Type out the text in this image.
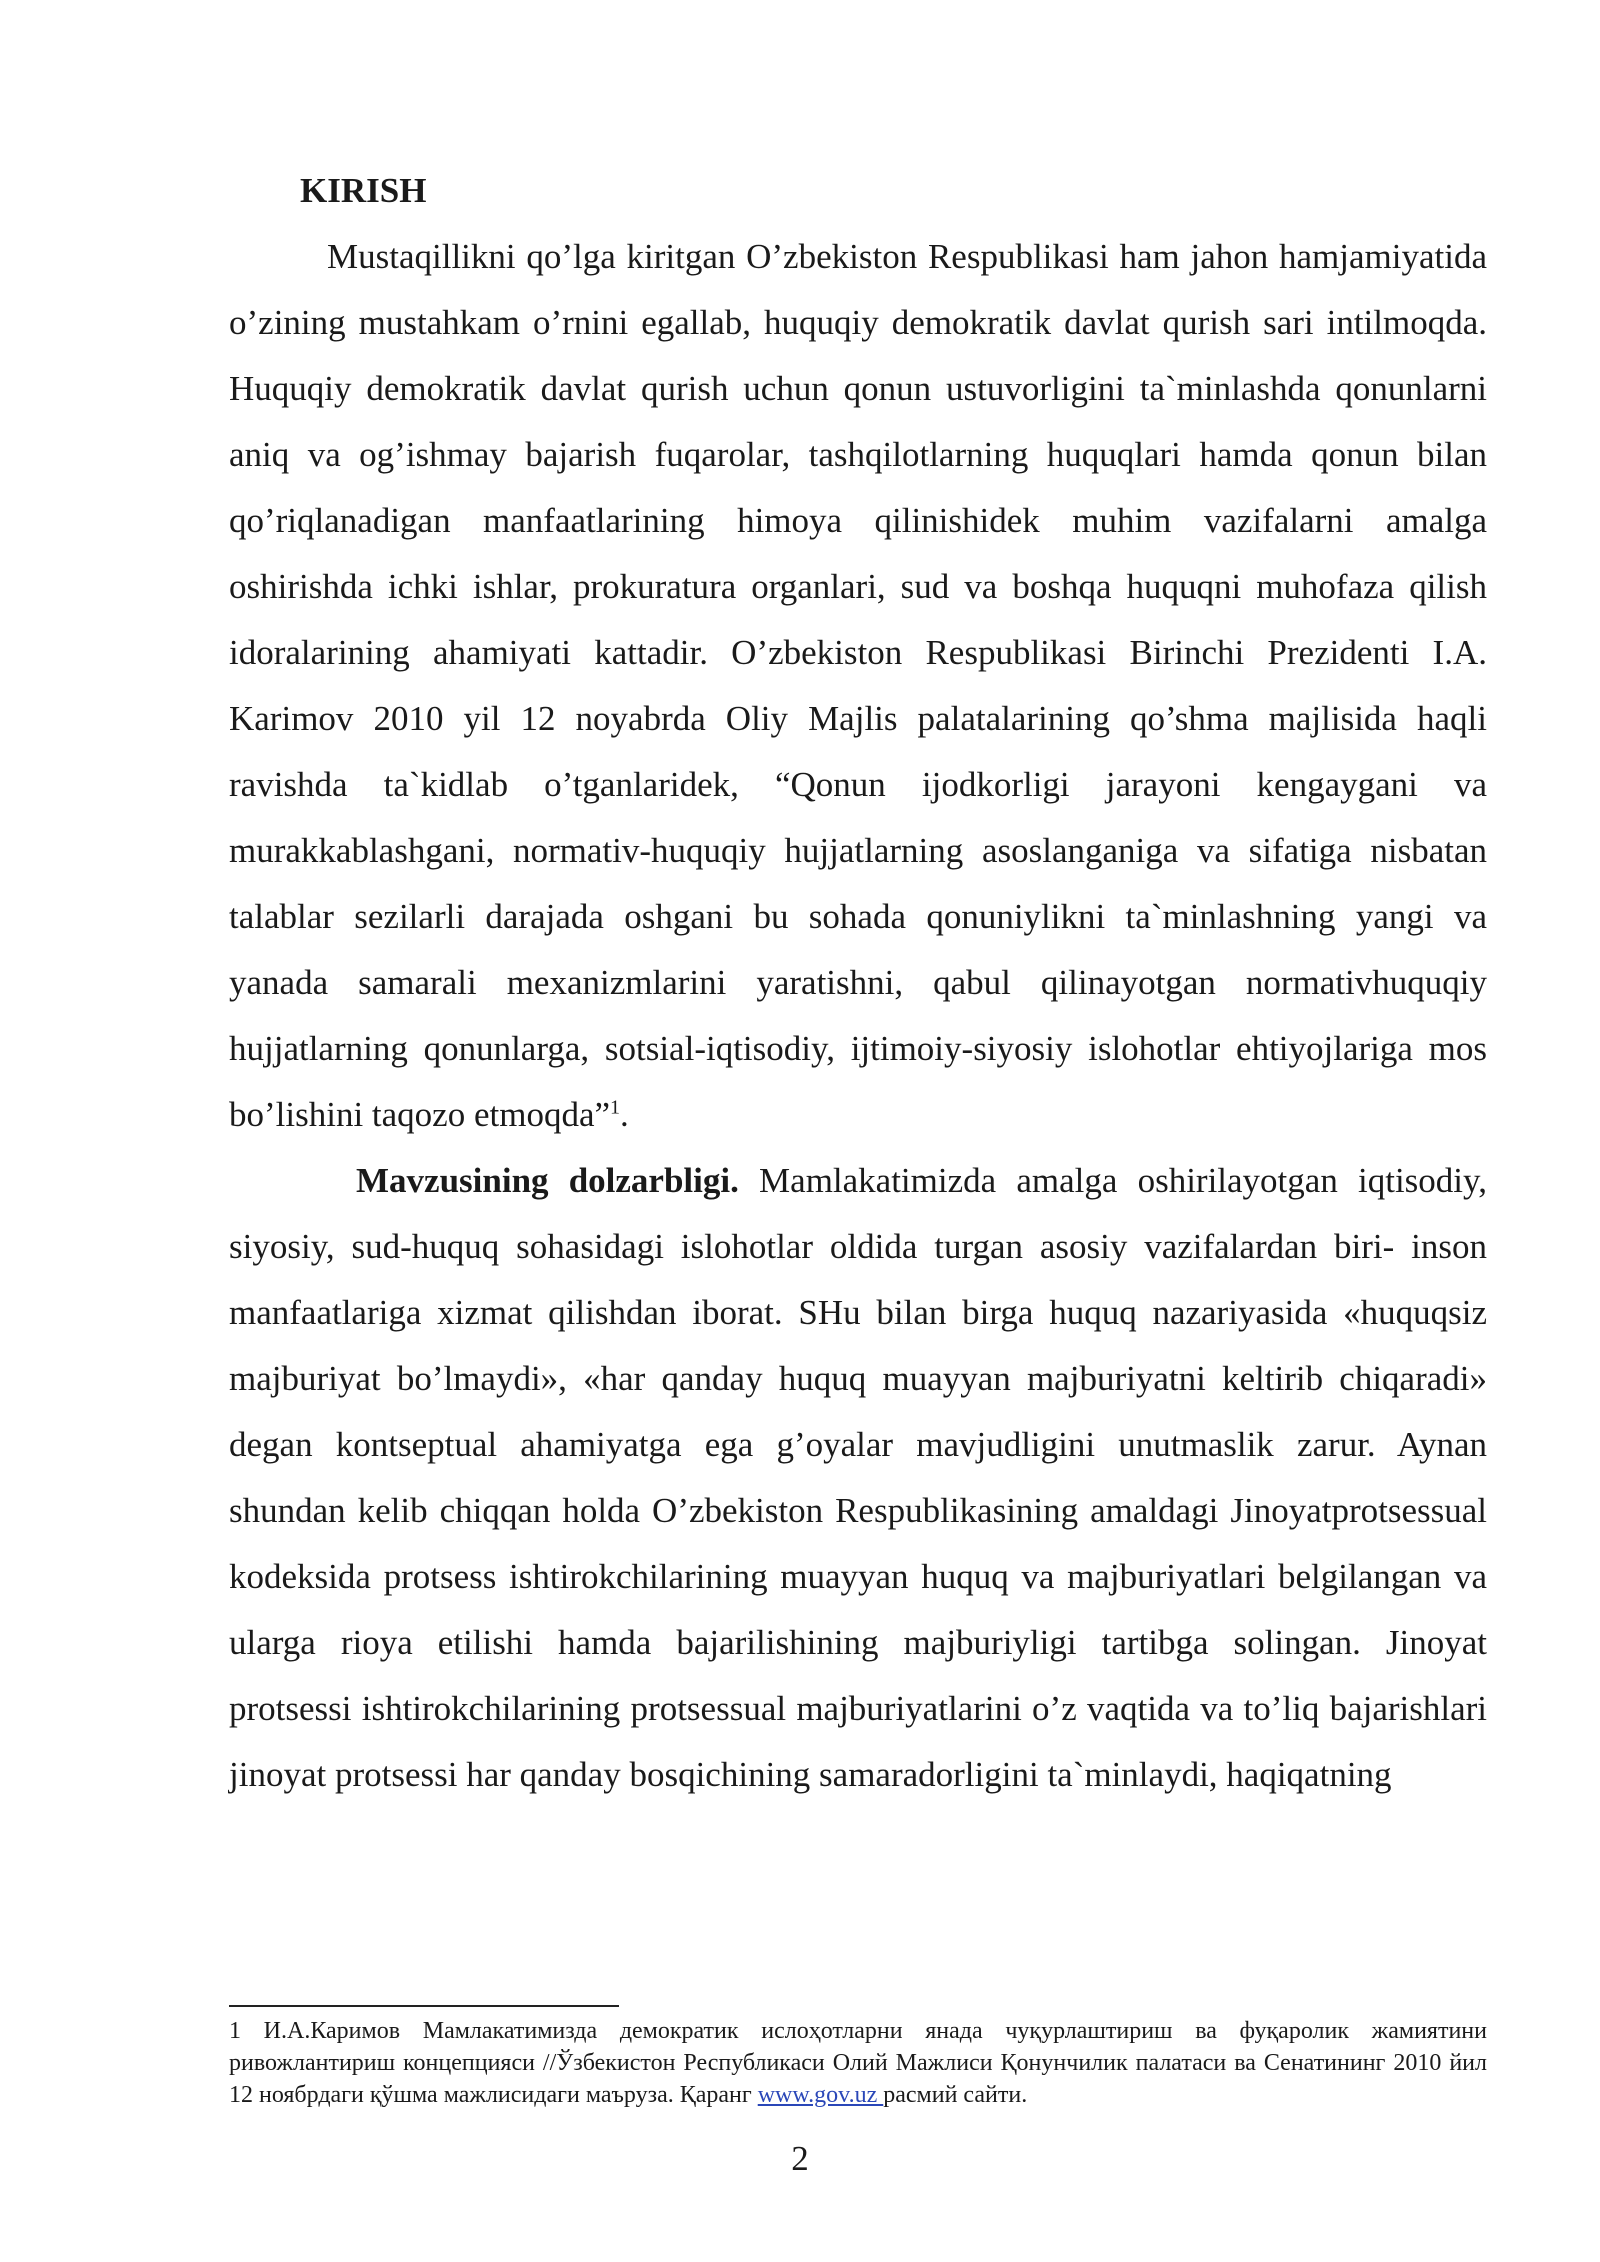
KIRISH

Mustaqillikni qo’lga kiritgan O’zbekiston Respublikasi ham jahon hamjamiyatida o’zining mustahkam o’rnini egallab, huquqiy demokratik davlat qurish sari intilmoqda. Huquqiy demokratik davlat qurish uchun qonun ustuvorligini ta`minlashda qonunlarni aniq va og’ishmay bajarish fuqarolar, tashqilotlarning huquqlari hamda qonun bilan qo’riqlanadigan manfaatlarining himoya qilinishidek muhim vazifalarni amalga oshirishda ichki ishlar, prokuratura organlari, sud va boshqa huquqni muhofaza qilish idoralarining ahamiyati kattadir. O’zbekiston Respublikasi Birinchi Prezidenti I.A. Karimov 2010 yil 12 noyabrda Oliy Majlis palatalarining qo’shma majlisida haqli ravishda ta`kidlab o’tganlaridek, “Qonun ijodkorligi jarayoni kengaygani va murakkablashgani, normativ-huquqiy hujjatlarning asoslanganiga va sifatiga nisbatan talablar sezilarli darajada oshgani bu sohada qonuniylikni ta`minlashning yangi va yanada samarali mexanizmlarini yaratishni, qabul qilinayotgan normativhuquqiy hujjatlarning qonunlarga, sotsial-iqtisodiy, ijtimoiy-siyosiy islohotlar ehtiyojlariga mos bo’lishini taqozo etmoqda”$^1$.

Mavzusining dolzarbligi. Mamlakatimizda amalga oshirilayotgan iqtisodiy, siyosiy, sud-huquq sohasidagi islohotlar oldida turgan asosiy vazifalardan biri- inson manfaatlariga xizmat qilishdan iborat. SHu bilan birga huquq nazariyasida «huquqsiz majburiyat bo’lmaydi», «har qanday huquq muayyan majburiyatni keltirib chiqaradi» degan kontseptual ahamiyatga ega g’oyalar mavjudligini unutmaslik zarur. Aynan shundan kelib chiqqan holda O’zbekiston Respublikasining amaldagi Jinoyatprotsessual kodeksida protsess ishtirokchilarining muayyan huquq va majburiyatlari belgilangan va ularga rioya etilishi hamda bajarilishining majburiyligi tartibga solingan. Jinoyat protsessi ishtirokchilarining protsessual majburiyatlarini o’z vaqtida va to’liq bajarishlari jinoyat protsessi har qanday bosqichining samaradorligini ta`minlaydi, haqiqatning

1 И.А.Каримов Мамлакатимизда демократик ислоҳотларни янада чуқурлаштириш ва фуқаролик жамиятини ривожлантириш концепцияси //Ўзбекистон Республикаси Олий Мажлиси Қонунчилик палатаси ва Сенатининг 2010 йил 12 ноябрдаги қўшма мажлисидаги маъруза. Қаранг www.gov.uz расмий сайти.
2
